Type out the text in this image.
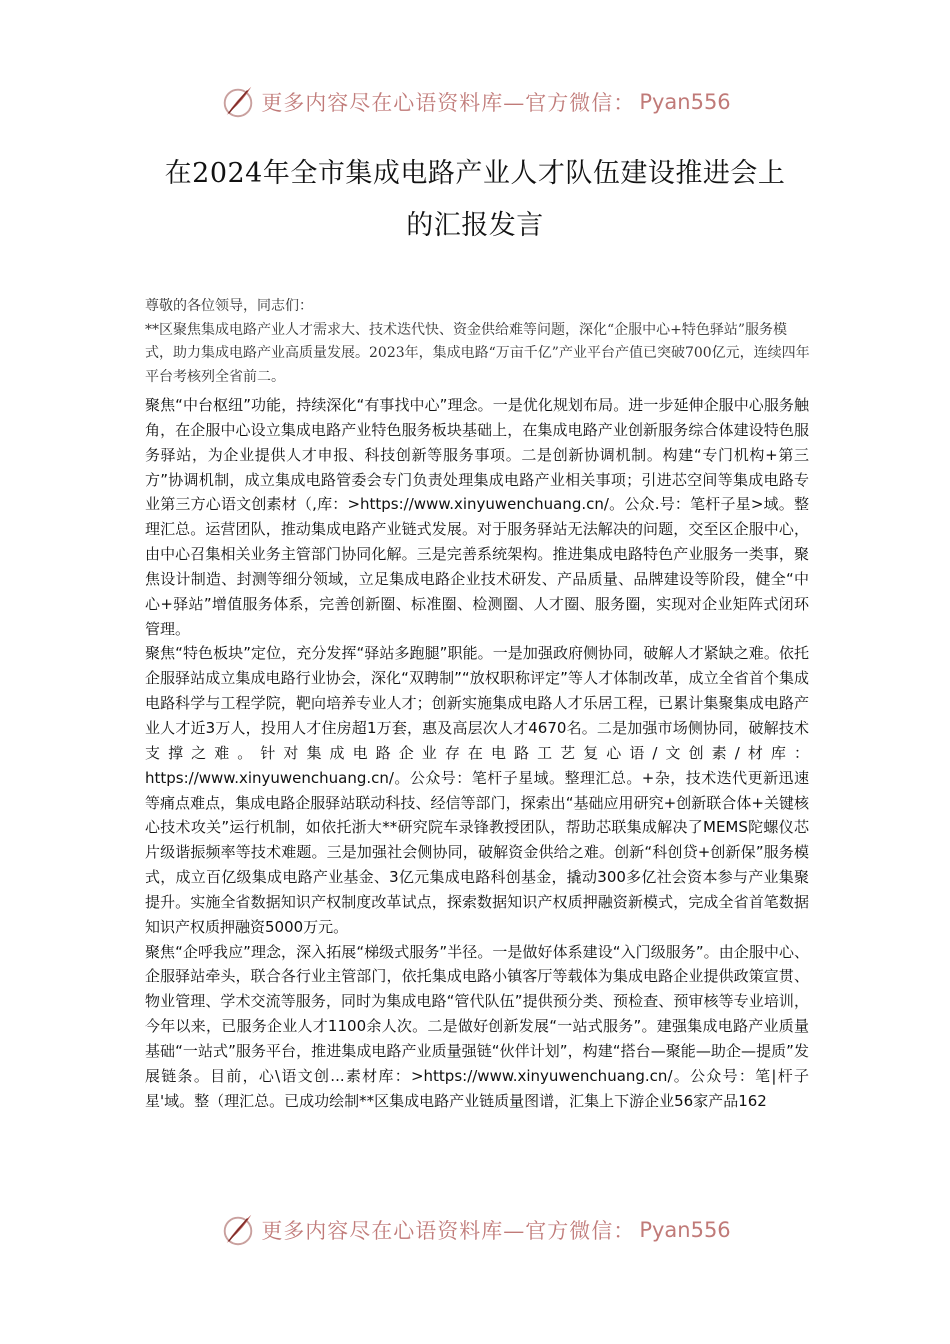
更多内容尽在心语资料库—官方微信： Pyan556
在2024年全市集成电路产业人才队伍建设推进会上
的汇报发言

尊敬的各位领导，同志们：

**区聚焦集成电路产业人才需求大、技术迭代快、资金供给难等问题，深化“企服中心+特色驿站”服务模式，助力集成电路产业高质量发展。2023年，集成电路“万亩千亿”产业平台产值已突破700亿元，连续四年平台考核列全省前二。

聚焦“中台枢纽”功能，持续深化“有事找中心”理念。一是优化规划布局。进一步延伸企服中心服务触角，在企服中心设立集成电路产业特色服务板块基础上，在集成电路产业创新服务综合体建设特色服务驿站，为企业提供人才申报、科技创新等服务事项。二是创新协调机制。构建“专门机构+第三方”协调机制，成立集成电路管委会专门负责处理集成电路产业相关事项；引进芯空间等集成电路专业第三方心语文创素材（,库：>https://www.xinyuwenchuang.cn/。公众.号：笔杆子星>域。整理汇总。运营团队，推动集成电路产业链式发展。对于服务驿站无法解决的问题，交至区企服中心，由中心召集相关业务主管部门协同化解。三是完善系统架构。推进集成电路特色产业服务一类事，聚焦设计制造、封测等细分领域，立足集成电路企业技术研发、产品质量、品牌建设等阶段，健全“中心+驿站”增值服务体系，完善创新圈、标准圈、检测圈、人才圈、服务圈，实现对企业矩阵式闭环管理。

聚焦“特色板块”定位，充分发挥“驿站多跑腿”职能。一是加强政府侧协同，破解人才紧缺之难。依托企服驿站成立集成电路行业协会，深化“双聘制”“放权职称评定”等人才体制改革，成立全省首个集成电路科学与工程学院，靶向培养专业人才；创新实施集成电路人才乐居工程，已累计集聚集成电路产业人才近3万人，投用人才住房超1万套，惠及高层次人才4670名。二是加强市场侧协同，破解技术支撑之难。针对集成电路企业存在电路工艺复心语/文创素/材库：https://www.xinyuwenchuang.cn/。公众号：笔杆子星域。整理汇总。+杂，技术迭代更新迅速等痛点难点，集成电路企服驿站联动科技、经信等部门，探索出“基础应用研究+创新联合体+关键核心技术攻关”运行机制，如依托浙大**研究院车录锋教授团队，帮助芯联集成解决了MEMS陀螺仪芯片级谐振频率等技术难题。三是加强社会侧协同，破解资金供给之难。创新“科创贷+创新保”服务模式，成立百亿级集成电路产业基金、3亿元集成电路科创基金，撬动300多亿社会资本参与产业集聚提升。实施全省数据知识产权制度改革试点，探索数据知识产权质押融资新模式，完成全省首笔数据知识产权质押融资5000万元。

聚焦“企呼我应”理念，深入拓展“梯级式服务”半径。一是做好体系建设“入门级服务”。由企服中心、企服驿站牵头，联合各行业主管部门，依托集成电路小镇客厅等载体为集成电路企业提供政策宣贯、物业管理、学术交流等服务，同时为集成电路“管代队伍”提供预分类、预检查、预审核等专业培训，今年以来，已服务企业人才1100余人次。二是做好创新发展“一站式服务”。建强集成电路产业质量基础“一站式”服务平台，推进集成电路产业质量强链“伙伴计划”，构建“搭台—聚能—助企—提质”发展链条。目前，心\语文创...素材库：>https://www.xinyuwenchuang.cn/。公众号：笔|杆子星'域。整（理汇总。已成功绘制**区集成电路产业链质量图谱，汇集上下游企业56家产品162

更多内容尽在心语资料库—官方微信： Pyan556
